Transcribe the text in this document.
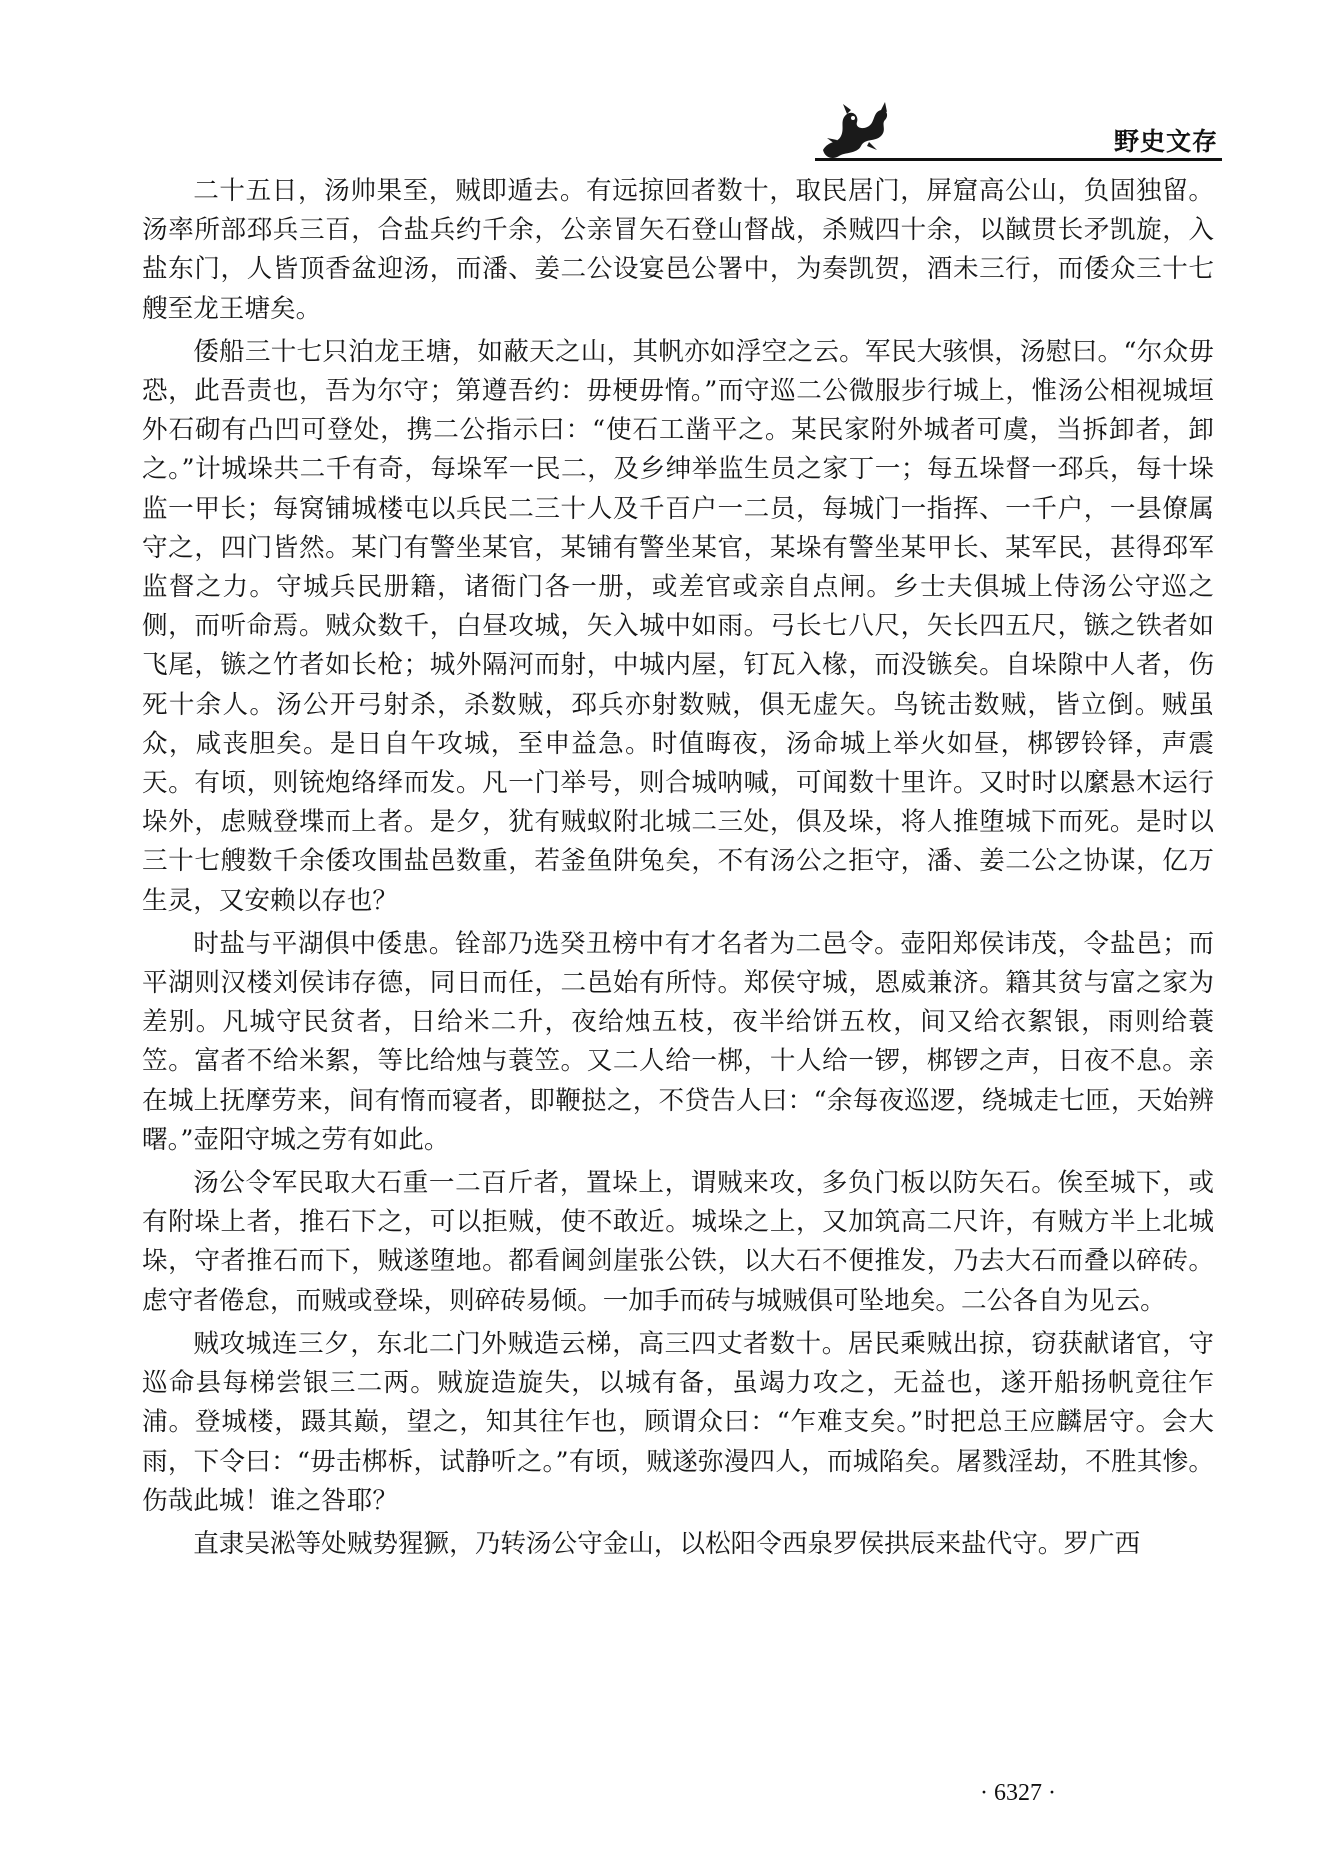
野史文存

二十五日，汤帅果至，贼即遁去。有远掠回者数十，取民居门，屏窟高公山，负固独留。汤率所部邳兵三百，合盐兵约千余，公亲冒矢石登山督战，杀贼四十余，以馘贯长矛凯旋，入盐东门，人皆顶香盆迎汤，而潘、姜二公设宴邑公署中，为奏凯贺，酒未三行，而倭众三十七艘至龙王塘矣。

倭船三十七只泊龙王塘，如蔽天之山，其帆亦如浮空之云。军民大骇惧，汤慰曰。“尔众毋恐，此吾责也，吾为尔守；第遵吾约：毋梗毋惰。”而守巡二公微服步行城上，惟汤公相视城垣外石砌有凸凹可登处，携二公指示曰：“使石工凿平之。某民家附外城者可虞，当拆卸者，卸之。”计城垛共二千有奇，每垛军一民二，及乡绅举监生员之家丁一；每五垛督一邳兵，每十垛监一甲长；每窝铺城楼屯以兵民二三十人及千百户一二员，每城门一指挥、一千户，一县僚属守之，四门皆然。某门有警坐某官，某铺有警坐某官，某垛有警坐某甲长、某军民，甚得邳军监督之力。守城兵民册籍，诸衙门各一册，或差官或亲自点闸。乡士夫俱城上侍汤公守巡之侧，而听命焉。贼众数千，白昼攻城，矢入城中如雨。弓长七八尺，矢长四五尺，镞之铁者如飞尾，镞之竹者如长枪；城外隔河而射，中城内屋，钉瓦入椽，而没镞矣。自垛隙中人者，伤死十余人。汤公开弓射杀，杀数贼，邳兵亦射数贼，俱无虚矢。鸟铳击数贼，皆立倒。贼虽众，咸丧胆矣。是日自午攻城，至申益急。时值晦夜，汤命城上举火如昼，梆锣铃铎，声震天。有顷，则铳炮络绎而发。凡一门举号，则合城呐喊，可闻数十里许。又时时以縻悬木运行垛外，虑贼登堞而上者。是夕，犹有贼蚁附北城二三处，俱及垛，将人推堕城下而死。是时以三十七艘数千余倭攻围盐邑数重，若釜鱼阱兔矣，不有汤公之拒守，潘、姜二公之协谋，亿万生灵，又安赖以存也？

时盐与平湖俱中倭患。铨部乃选癸丑榜中有才名者为二邑令。壶阳郑侯讳茂，令盐邑；而平湖则汉楼刘侯讳存德，同日而任，二邑始有所恃。郑侯守城，恩威兼济。籍其贫与富之家为差别。凡城守民贫者，日给米二升，夜给烛五枝，夜半给饼五枚，间又给衣絮银，雨则给蓑笠。富者不给米絮，等比给烛与蓑笠。又二人给一梆，十人给一锣，梆锣之声，日夜不息。亲在城上抚摩劳来，间有惰而寝者，即鞭挞之，不贷告人曰：“余每夜巡逻，绕城走七匝，天始辨曙。”壶阳守城之劳有如此。

汤公令军民取大石重一二百斤者，置垛上，谓贼来攻，多负门板以防矢石。俟至城下，或有附垛上者，推石下之，可以拒贼，使不敢近。城垛之上，又加筑高二尺许，有贼方半上北城垛，守者推石而下，贼遂堕地。都看阃剑崖张公铁，以大石不便推发，乃去大石而叠以碎砖。虑守者倦怠，而贼或登垛，则碎砖易倾。一加手而砖与城贼俱可坠地矣。二公各自为见云。

贼攻城连三夕，东北二门外贼造云梯，高三四丈者数十。居民乘贼出掠，窃获献诸官，守巡命县每梯尝银三二两。贼旋造旋失，以城有备，虽竭力攻之，无益也，遂开船扬帆竟往乍浦。登城楼，蹑其巅，望之，知其往乍也，顾谓众曰：“乍难支矣。”时把总王应麟居守。会大雨，下令曰：“毋击梆柝，试静听之。”有顷，贼遂弥漫四人，而城陷矣。屠戮淫劫，不胜其惨。伤哉此城！谁之咎耶？

直隶吴淞等处贼势猩獗，乃转汤公守金山，以松阳令西泉罗侯拱辰来盐代守。罗广西

· 6327 ·
